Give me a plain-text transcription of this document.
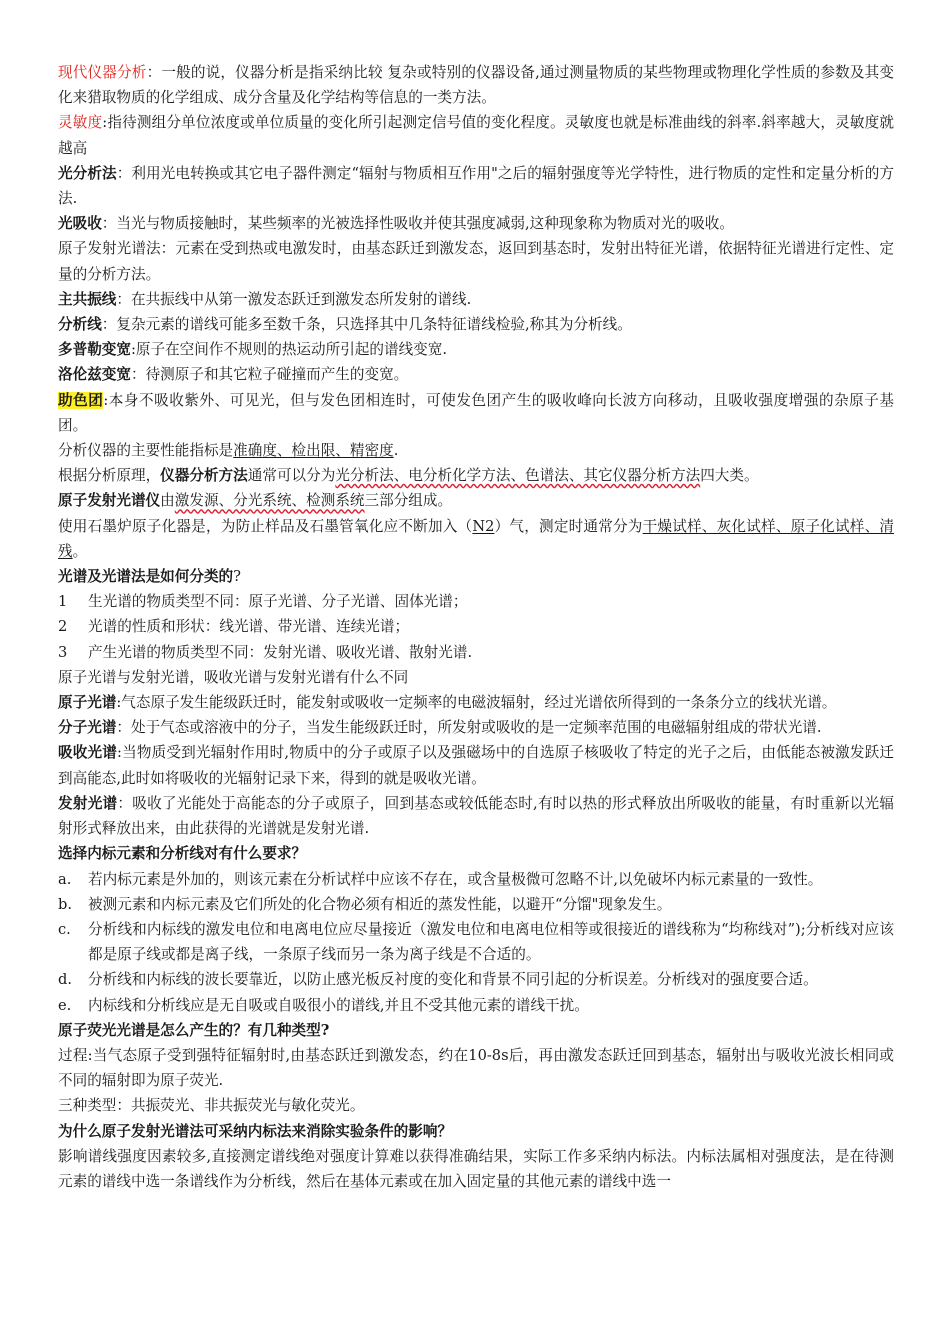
现代仪器分析：一般的说，仪器分析是指采纳比较 复杂或特别的仪器设备,通过测量物质的某些物理或物理化学性质的参数及其变化来猎取物质的化学组成、成分含量及化学结构等信息的一类方法。

灵敏度:指待测组分单位浓度或单位质量的变化所引起测定信号值的变化程度。灵敏度也就是标准曲线的斜率.斜率越大，灵敏度就越高

光分析法：利用光电转换或其它电子器件测定“辐射与物质相互作用"之后的辐射强度等光学特性，进行物质的定性和定量分析的方法.

光吸收：当光与物质接触时，某些频率的光被选择性吸收并使其强度减弱,这种现象称为物质对光的吸收。

原子发射光谱法：元素在受到热或电激发时，由基态跃迁到激发态，返回到基态时，发射出特征光谱，依据特征光谱进行定性、定量的分析方法。

主共振线：在共振线中从第一激发态跃迁到激发态所发射的谱线.

分析线：复杂元素的谱线可能多至数千条，只选择其中几条特征谱线检验,称其为分析线。

多普勒变宽:原子在空间作不规则的热运动所引起的谱线变宽.

洛伦兹变宽：待测原子和其它粒子碰撞而产生的变宽。

助色团:本身不吸收紫外、可见光，但与发色团相连时，可使发色团产生的吸收峰向长波方向移动，且吸收强度增强的杂原子基团。

分析仪器的主要性能指标是准确度、检出限、精密度.

根据分析原理，仪器分析方法通常可以分为光分析法、电分析化学方法、色谱法、其它仪器分析方法四大类。

原子发射光谱仪由激发源、分光系统、检测系统三部分组成。

使用石墨炉原子化器是，为防止样品及石墨管氧化应不断加入（N2）气，测定时通常分为干燥试样、灰化试样、原子化试样、清残。

光谱及光谱法是如何分类的?

1 生光谱的物质类型不同：原子光谱、分子光谱、固体光谱；

2 光谱的性质和形状：线光谱、带光谱、连续光谱；

3 产生光谱的物质类型不同：发射光谱、吸收光谱、散射光谱.

原子光谱与发射光谱，吸收光谱与发射光谱有什么不同

原子光谱:气态原子发生能级跃迁时，能发射或吸收一定频率的电磁波辐射，经过光谱依所得到的一条条分立的线状光谱。

分子光谱：处于气态或溶液中的分子，当发生能级跃迁时，所发射或吸收的是一定频率范围的电磁辐射组成的带状光谱.

吸收光谱:当物质受到光辐射作用时,物质中的分子或原子以及强磁场中的自选原子核吸收了特定的光子之后，由低能态被激发跃迁到高能态,此时如将吸收的光辐射记录下来，得到的就是吸收光谱。

发射光谱：吸收了光能处于高能态的分子或原子，回到基态或较低能态时,有时以热的形式释放出所吸收的能量，有时重新以光辐射形式释放出来，由此获得的光谱就是发射光谱.

选择内标元素和分析线对有什么要求？

a. 若内标元素是外加的，则该元素在分析试样中应该不存在，或含量极微可忽略不计,以免破坏内标元素量的一致性。

b. 被测元素和内标元素及它们所处的化合物必须有相近的蒸发性能，以避开“分馏"现象发生。

c. 分析线和内标线的激发电位和电离电位应尽量接近（激发电位和电离电位相等或很接近的谱线称为“均称线对”);分析线对应该都是原子线或都是离子线，一条原子线而另一条为离子线是不合适的。

d. 分析线和内标线的波长要靠近，以防止感光板反衬度的变化和背景不同引起的分析误差。分析线对的强度要合适。

e. 内标线和分析线应是无自吸或自吸很小的谱线,并且不受其他元素的谱线干扰。

原子荧光光谱是怎么产生的？有几种类型?

过程:当气态原子受到强特征辐射时,由基态跃迁到激发态，约在10-8s后，再由激发态跃迁回到基态，辐射出与吸收光波长相同或不同的辐射即为原子荧光.

三种类型：共振荧光、非共振荧光与敏化荧光。

为什么原子发射光谱法可采纳内标法来消除实验条件的影响？

影响谱线强度因素较多,直接测定谱线绝对强度计算难以获得准确结果，实际工作多采纳内标法。内标法属相对强度法，是在待测元素的谱线中选一条谱线作为分析线，然后在基体元素或在加入固定量的其他元素的谱线中选一
